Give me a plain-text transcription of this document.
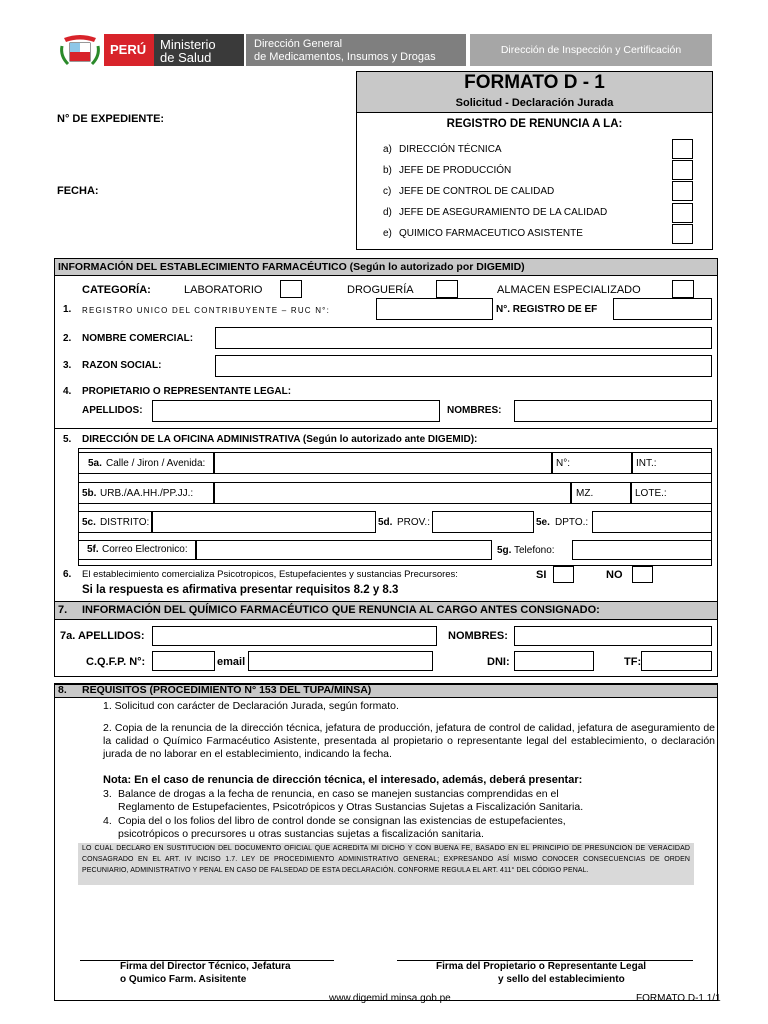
PERÚ Ministerio
de Salud
Dirección General
de Medicamentos, Insumos y Drogas
Dirección de Inspección y Certificación
FORMATO D - 1
Solicitud - Declaración Jurada
REGISTRO DE RENUNCIA A LA:
a) DIRECCIÓN TÉCNICA
b) JEFE DE PRODUCCIÓN
c) JEFE DE CONTROL DE CALIDAD
d) JEFE DE ASEGURAMIENTO DE LA CALIDAD
e) QUIMICO FARMACEUTICO ASISTENTE
N° DE EXPEDIENTE:
FECHA:
INFORMACIÓN DEL ESTABLECIMIENTO FARMACÉUTICO (Según lo autorizado por DIGEMID)
CATEGORÍA:	LABORATORIO	DROGUERÍA	ALMACEN ESPECIALIZADO
1. REGISTRO UNICO DEL CONTRIBUYENTE – RUC N°:	N°. REGISTRO DE EF
2. NOMBRE COMERCIAL:
3. RAZON SOCIAL:
4. PROPIETARIO O REPRESENTANTE LEGAL:
APELLIDOS:	NOMBRES:
5. DIRECCIÓN DE LA OFICINA ADMINISTRATIVA (Según lo autorizado ante DIGEMID):
5a. Calle / Jiron / Avenida:	N°:	INT.:
5b. URB./AA.HH./PP.JJ.:	MZ.	LOTE.:
5c. DISTRITO:	5d. PROV.:	5e. DPTO.:
5f. Correo Electronico:	5g. Telefono:
6. El establecimiento comercializa Psicotropicos, Estupefacientes y sustancias Precursores:	SI	NO
Si la respuesta es afirmativa presentar requisitos 8.2 y 8.3
7. INFORMACIÓN DEL QUÍMICO FARMACÉUTICO QUE RENUNCIA AL CARGO ANTES CONSIGNADO:
7a. APELLIDOS:	NOMBRES:
C.Q.F.P. N°:	email	DNI:	TF:
8. REQUISITOS (PROCEDIMIENTO N° 153 DEL TUPA/MINSA)
1. Solicitud con carácter de Declaración Jurada, según formato.
2. Copia de la renuncia de la dirección técnica, jefatura de producción, jefatura de control de calidad, jefatura de aseguramiento de la calidad o Químico Farmacéutico Asistente, presentada al propietario o representante legal del establecimiento, o declaración jurada de no laborar en el establecimiento, indicando la fecha.
Nota: En el caso de renuncia de dirección técnica, el interesado, además, deberá presentar:
3. Balance de drogas a la fecha de renuncia, en caso se manejen sustancias comprendidas en el
Reglamento de Estupefacientes, Psicotrópicos y Otras Sustancias Sujetas a Fiscalización Sanitaria.
4. Copia del o los folios del libro de control donde se consignan las existencias de estupefacientes,
psicotrópicos o precursores u otras sustancias sujetas a fiscalización sanitaria.
LO CUAL DECLARO EN SUSTITUCION DEL DOCUMENTO OFICIAL QUE ACREDITA MI DICHO Y CON BUENA FE, BASADO EN EL PRINCIPIO DE PRESUNCION DE VERACIDAD CONSAGRADO EN EL ART. IV INCISO 1.7. LEY DE PROCEDIMIENTO ADMINISTRATIVO GENERAL; EXPRESANDO ASÍ MISMO CONOCER CONSECUENCIAS DE ORDEN PECUNIARIO, ADMINISTRATIVO Y PENAL EN CASO DE FALSEDAD DE ESTA DECLARACIÓN. CONFORME REGULA EL ART. 411° DEL CÓDIGO PENAL.
Firma del Director Técnico, Jefatura
o Qumico Farm. Asisitente
Firma del Propietario o Representante Legal
y sello del establecimiento
www.digemid.minsa.gob.pe	FORMATO D-1 1/1
